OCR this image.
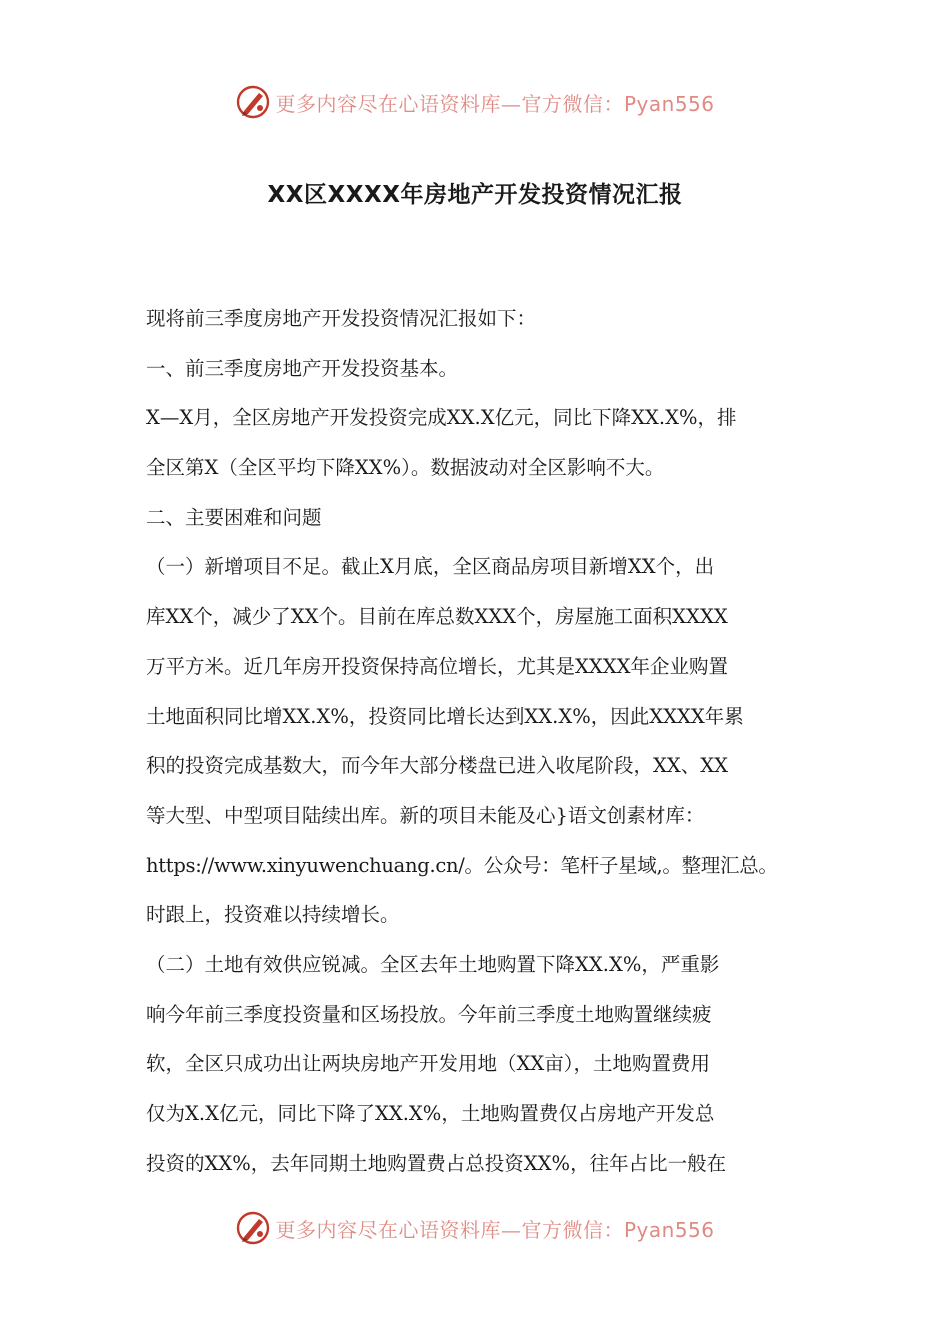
更多内容尽在心语资料库—官方微信：Pyan556
XX区XXXX年房地产开发投资情况汇报
现将前三季度房地产开发投资情况汇报如下：
一、前三季度房地产开发投资基本。
X—X月，全区房地产开发投资完成XX.X亿元，同比下降XX.X%，排
全区第X（全区平均下降XX%）。数据波动对全区影响不大。
二、主要困难和问题
（一）新增项目不足。截止X月底，全区商品房项目新增XX个，出
库XX个，减少了XX个。目前在库总数XXX个，房屋施工面积XXXX
万平方米。近几年房开投资保持高位增长，尤其是XXXX年企业购置
土地面积同比增XX.X%，投资同比增长达到XX.X%，因此XXXX年累
积的投资完成基数大，而今年大部分楼盘已进入收尾阶段，XX、XX
等大型、中型项目陆续出库。新的项目未能及心}语文创素材库：
https://www.xinyuwenchuang.cn/。公众号：笔杆子星域,。整理汇总。
时跟上，投资难以持续增长。
（二）土地有效供应锐减。全区去年土地购置下降XX.X%，严重影
响今年前三季度投资量和区场投放。今年前三季度土地购置继续疲
软，全区只成功出让两块房地产开发用地（XX亩），土地购置费用
仅为X.X亿元，同比下降了XX.X%，土地购置费仅占房地产开发总
投资的XX%，去年同期土地购置费占总投资XX%，往年占比一般在
更多内容尽在心语资料库—官方微信：Pyan556
